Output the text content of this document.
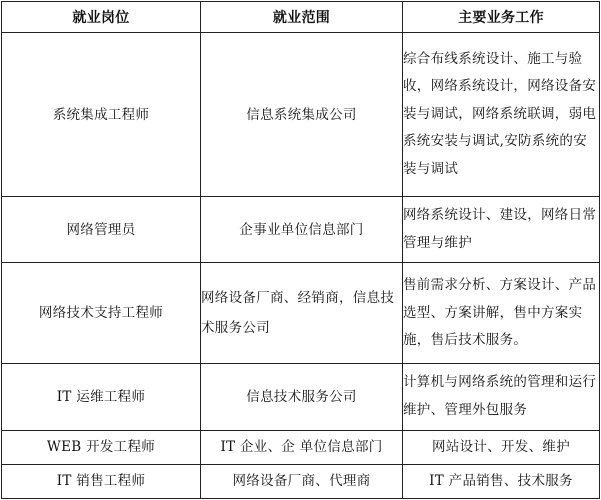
就业岗位	就业范围	主要业务工作
系统集成工程师	信息系统集成公司	综合布线系统设计、施工与验收，网络系统设计，网络设备安装与调试，网络系统联调，弱电系统安装与调试,安防系统的安装与调试
网络管理员	企事业单位信息部门	网络系统设计、建设，网络日常管理与维护
网络技术支持工程师	网络设备厂商、经销商，信息技术服务公司	售前需求分析、方案设计、产品选型、方案讲解，售中方案实施，售后技术服务。
IT 运维工程师	信息技术服务公司	计算机与网络系统的管理和运行维护、管理外包服务
WEB 开发工程师	IT 企业、企 单位信息部门	网站设计、开发、维护
IT 销售工程师	网络设备厂商、代理商	IT 产品销售、技术服务
